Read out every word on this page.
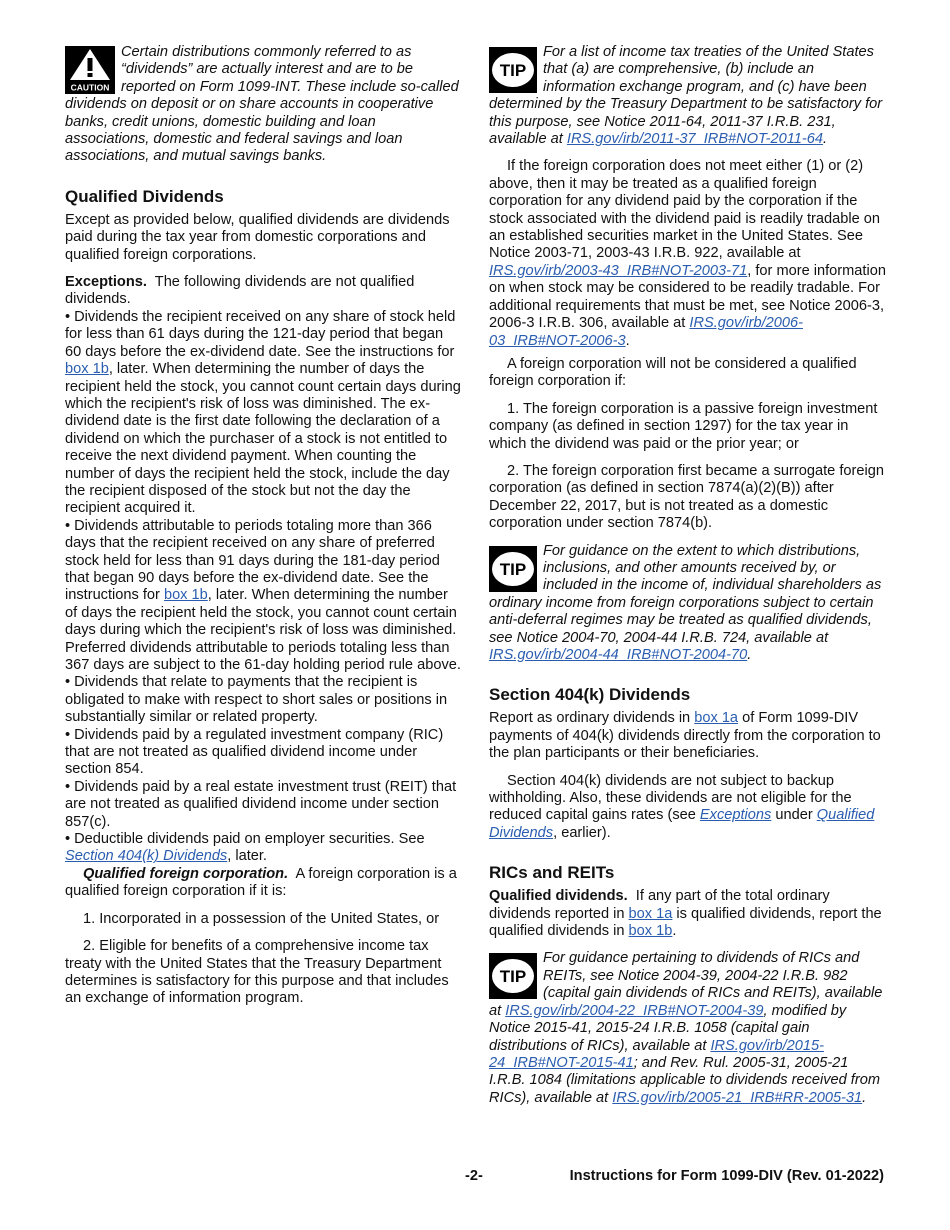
CAUTION

Certain distributions commonly referred to as “dividends” are actually interest and are to be reported on Form 1099-INT. These include so-called dividends on deposit or on share accounts in cooperative banks, credit unions, domestic building and loan associations, domestic and federal savings and loan associations, and mutual savings banks.

Qualified Dividends

Except as provided below, qualified dividends are dividends paid during the tax year from domestic corporations and qualified foreign corporations.

Exceptions. The following dividends are not qualified dividends.

• Dividends the recipient received on any share of stock held for less than 61 days during the 121-day period that began 60 days before the ex-dividend date. See the instructions for box 1b, later. When determining the number of days the recipient held the stock, you cannot count certain days during which the recipient's risk of loss was diminished. The ex-dividend date is the first date following the declaration of a dividend on which the purchaser of a stock is not entitled to receive the next dividend payment. When counting the number of days the recipient held the stock, include the day the recipient disposed of the stock but not the day the recipient acquired it.

• Dividends attributable to periods totaling more than 366 days that the recipient received on any share of preferred stock held for less than 91 days during the 181-day period that began 90 days before the ex-dividend date. See the instructions for box 1b, later. When determining the number of days the recipient held the stock, you cannot count certain days during which the recipient's risk of loss was diminished. Preferred dividends attributable to periods totaling less than 367 days are subject to the 61-day holding period rule above.

• Dividends that relate to payments that the recipient is obligated to make with respect to short sales or positions in substantially similar or related property.

• Dividends paid by a regulated investment company (RIC) that are not treated as qualified dividend income under section 854.

• Dividends paid by a real estate investment trust (REIT) that are not treated as qualified dividend income under section 857(c).

• Deductible dividends paid on employer securities. See Section 404(k) Dividends, later.

Qualified foreign corporation. A foreign corporation is a qualified foreign corporation if it is:

1. Incorporated in a possession of the United States, or

2. Eligible for benefits of a comprehensive income tax treaty with the United States that the Treasury Department determines is satisfactory for this purpose and that includes an exchange of information program.

TIP

For a list of income tax treaties of the United States that (a) are comprehensive, (b) include an information exchange program, and (c) have been determined by the Treasury Department to be satisfactory for this purpose, see Notice 2011-64, 2011-37 I.R.B. 231, available at IRS.gov/irb/2011-37_IRB#NOT-2011-64.

If the foreign corporation does not meet either (1) or (2) above, then it may be treated as a qualified foreign corporation for any dividend paid by the corporation if the stock associated with the dividend paid is readily tradable on an established securities market in the United States. See Notice 2003-71, 2003-43 I.R.B. 922, available at IRS.gov/irb/2003-43_IRB#NOT-2003-71, for more information on when stock may be considered to be readily tradable. For additional requirements that must be met, see Notice 2006-3, 2006-3 I.R.B. 306, available at IRS.gov/irb/2006-03_IRB#NOT-2006-3.

A foreign corporation will not be considered a qualified foreign corporation if:

1. The foreign corporation is a passive foreign investment company (as defined in section 1297) for the tax year in which the dividend was paid or the prior year; or

2. The foreign corporation first became a surrogate foreign corporation (as defined in section 7874(a)(2)(B)) after December 22, 2017, but is not treated as a domestic corporation under section 7874(b).

TIP

For guidance on the extent to which distributions, inclusions, and other amounts received by, or included in the income of, individual shareholders as ordinary income from foreign corporations subject to certain anti-deferral regimes may be treated as qualified dividends, see Notice 2004-70, 2004-44 I.R.B. 724, available at IRS.gov/irb/2004-44_IRB#NOT-2004-70.

Section 404(k) Dividends

Report as ordinary dividends in box 1a of Form 1099-DIV payments of 404(k) dividends directly from the corporation to the plan participants or their beneficiaries.

Section 404(k) dividends are not subject to backup withholding. Also, these dividends are not eligible for the reduced capital gains rates (see Exceptions under Qualified Dividends, earlier).

RICs and REITs

Qualified dividends. If any part of the total ordinary dividends reported in box 1a is qualified dividends, report the qualified dividends in box 1b.

TIP

For guidance pertaining to dividends of RICs and REITs, see Notice 2004-39, 2004-22 I.R.B. 982 (capital gain dividends of RICs and REITs), available at IRS.gov/irb/2004-22_IRB#NOT-2004-39, modified by Notice 2015-41, 2015-24 I.R.B. 1058 (capital gain distributions of RICs), available at IRS.gov/irb/2015-24_IRB#NOT-2015-41; and Rev. Rul. 2005-31, 2005-21 I.R.B. 1084 (limitations applicable to dividends received from RICs), available at IRS.gov/irb/2005-21_IRB#RR-2005-31.

-2-	Instructions for Form 1099-DIV (Rev. 01-2022)
